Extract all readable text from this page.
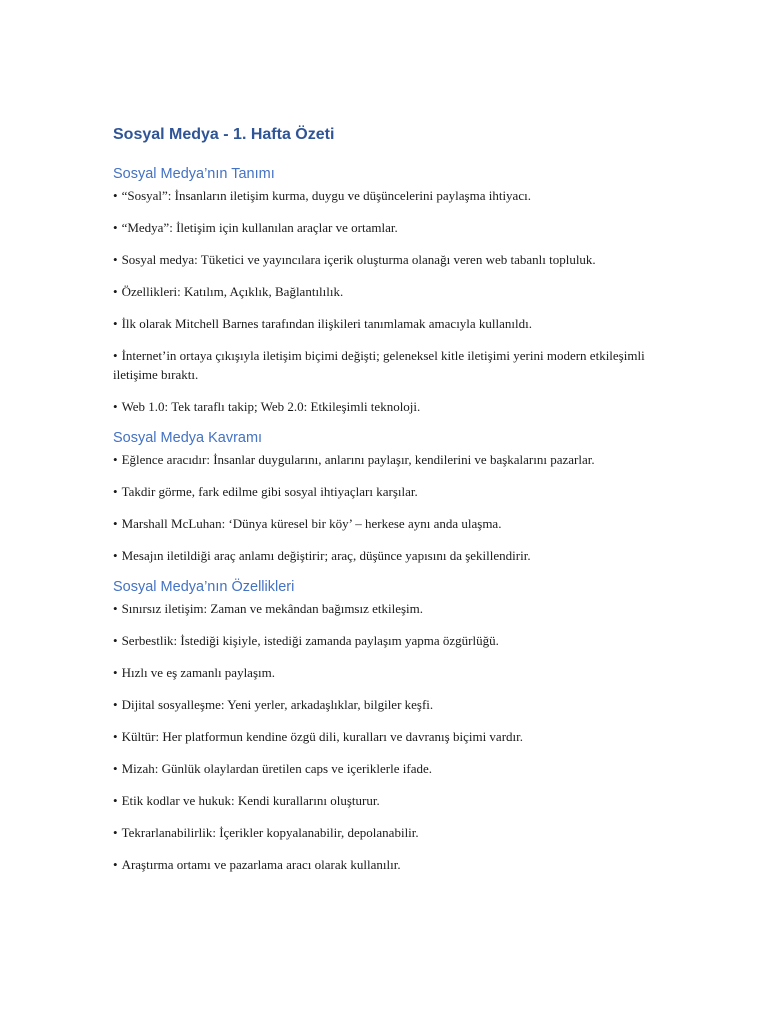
Sosyal Medya - 1. Hafta Özeti
Sosyal Medya’nın Tanımı
• “Sosyal”: İnsanların iletişim kurma, duygu ve düşüncelerini paylaşma ihtiyacı.
• “Medya”: İletişim için kullanılan araçlar ve ortamlar.
• Sosyal medya: Tüketici ve yayıncılara içerik oluşturma olanağı veren web tabanlı topluluk.
• Özellikleri: Katılım, Açıklık, Bağlantılılık.
• İlk olarak Mitchell Barnes tarafından ilişkileri tanımlamak amacıyla kullanıldı.
• İnternet’in ortaya çıkışıyla iletişim biçimi değişti; geleneksel kitle iletişimi yerini modern etkileşimli iletişime bıraktı.
• Web 1.0: Tek taraflı takip; Web 2.0: Etkileşimli teknoloji.
Sosyal Medya Kavramı
• Eğlence aracıdır: İnsanlar duygularını, anlarını paylaşır, kendilerini ve başkalarını pazarlar.
• Takdir görme, fark edilme gibi sosyal ihtiyaçları karşılar.
• Marshall McLuhan: ‘Dünya küresel bir köy’ – herkese aynı anda ulaşma.
• Mesajın iletildiği araç anlamı değiştirir; araç, düşünce yapısını da şekillendirir.
Sosyal Medya’nın Özellikleri
• Sınırsız iletişim: Zaman ve mekândan bağımsız etkileşim.
• Serbestlik: İstediği kişiyle, istediği zamanda paylaşım yapma özgürlüğü.
• Hızlı ve eş zamanlı paylaşım.
• Dijital sosyalleşme: Yeni yerler, arkadaşlıklar, bilgiler keşfi.
• Kültür: Her platformun kendine özgü dili, kuralları ve davranış biçimi vardır.
• Mizah: Günlük olaylardan üretilen caps ve içeriklerle ifade.
• Etik kodlar ve hukuk: Kendi kurallarını oluşturur.
• Tekrarlanabilirlik: İçerikler kopyalanabilir, depolanabilir.
• Araştırma ortamı ve pazarlama aracı olarak kullanılır.
